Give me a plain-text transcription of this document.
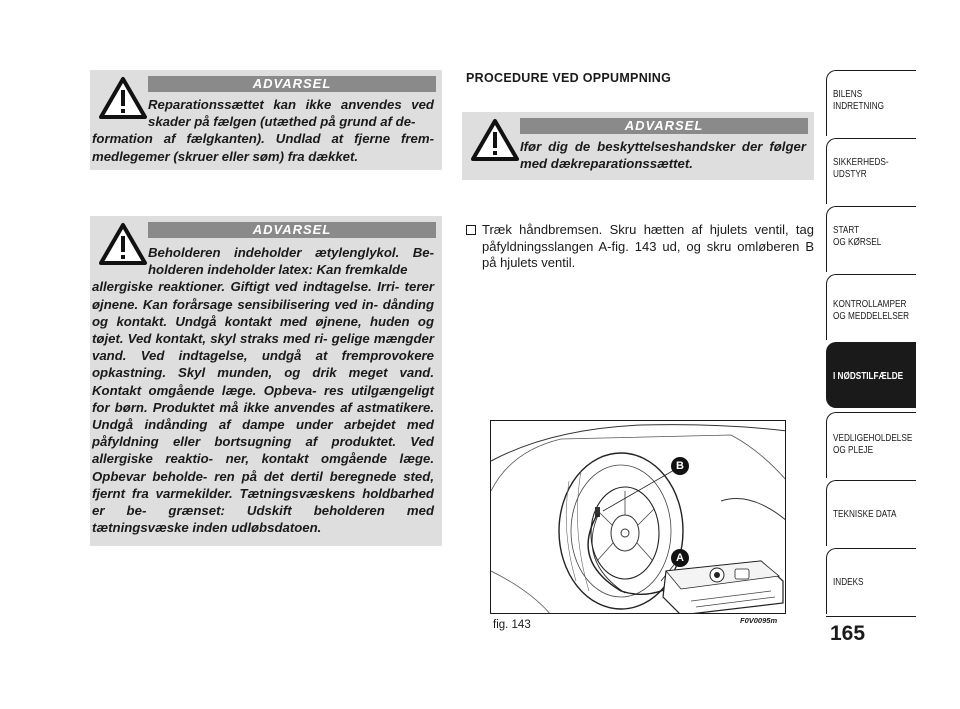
ADVARSEL
Reparationssættet kan ikke anvendes ved skader på fælgen (utæthed på grund af de-
formation af fælgkanten). Undlad at fjerne frem- medlegemer (skruer eller søm) fra dækket.
ADVARSEL
Beholderen indeholder ætylenglykol. Be- holderen indeholder latex: Kan fremkalde
allergiske reaktioner. Giftigt ved indtagelse. Irri- terer øjnene. Kan forårsage sensibilisering ved in- dånding og kontakt. Undgå kontakt med øjnene, huden og tøjet. Ved kontakt, skyl straks med ri- gelige mængder vand. Ved indtagelse, undgå at fremprovokere opkastning. Skyl munden, og drik meget vand. Kontakt omgående læge. Opbeva- res utilgængeligt for børn. Produktet må ikke anvendes af astmatikere. Undgå indånding af dampe under arbejdet med påfyldning eller bortsugning af produktet. Ved allergiske reaktio- ner, kontakt omgående læge. Opbevar beholde- ren på det dertil beregnede sted, fjernt fra varmekilder. Tætningsvæskens holdbarhed er be- grænset: Udskift beholderen med tætningsvæske inden udløbsdatoen.
PROCEDURE VED OPPUMPNING
ADVARSEL
Ifør dig de beskyttelseshandsker der følger med dækreparationssættet.
Træk håndbremsen. Skru hætten af hjulets ventil, tag påfyldningsslangen A-fig. 143 ud, og skru omløberen B på hjulets ventil.
B
A
fig. 143	F0V0095m
BILENS
INDRETNING
SIKKERHEDS-
UDSTYR
START
OG KØRSEL
KONTROLLAMPER
OG MEDDELELSER
I NØDSTILFÆLDE
VEDLIGEHOLDELSE
OG PLEJE
TEKNISKE DATA
INDEKS
165
